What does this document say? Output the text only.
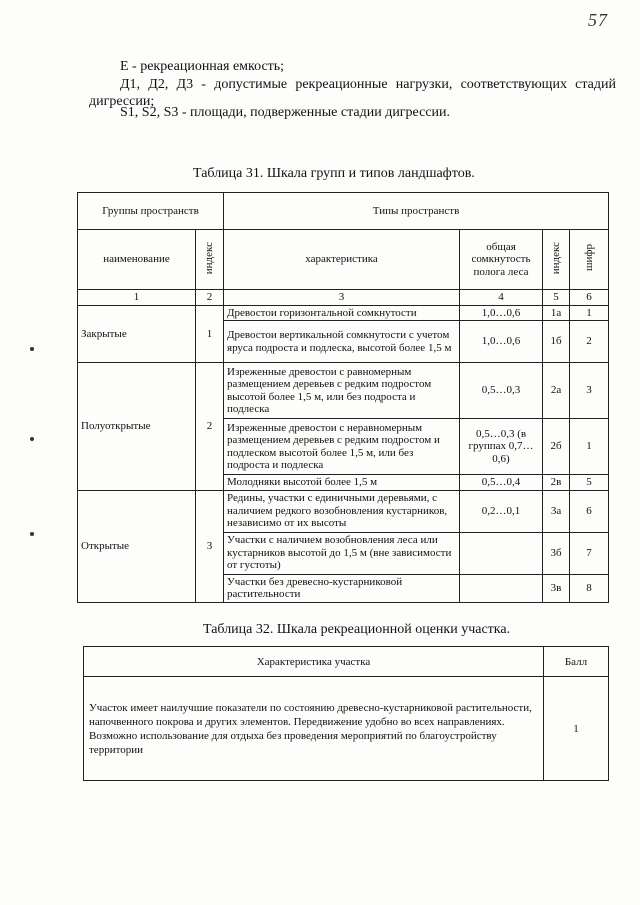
57
E - рекреационная емкость;
Д1, Д2, Д3 - допустимые рекреационные нагрузки, соответствующих стадий
дигрессии;
S1, S2, S3 - площади, подверженные стадии дигрессии.
Таблица 31. Шкала групп и типов ландшафтов.
Группы пространств		Типы пространств			
наименование	индекс	характеристика	общая сомкнутость полога леса	индекс	шифр
1	2	3	4	5	6
Закрытые	1	Древостои горизонтальной сомкнутости	1,0…0,6	1а	1
		Древостои вертикальной сомкнутости с учетом яруса подроста и подлеска, высотой более 1,5 м	1,0…0,6	1б	2
Полуоткрытые	2	Изреженные древостои с равномерным размещением деревьев с редким подростом высотой более 1,5 м, или без подроста и подлеска	0,5…0,3	2а	3
		Изреженные древостои с неравномерным размещением деревьев с редким подростом и подлеском высотой более 1,5 м, или без подроста и подлеска	0,5…0,3 (в группах 0,7…0,6)	2б	1
		Молодняки высотой более 1,5 м	0,5…0,4	2в	5
Открытые	3	Редины, участки с единичными деревьями, с наличием редкого возобновления кустарников, независимо от их высоты	0,2…0,1	3а	6
		Участки с наличием возобновления леса или кустарников высотой до 1,5 м (вне зависимости от густоты)		3б	7
		Участки без древесно-кустарниковой растительности		3в	8
Таблица 32. Шкала рекреационной оценки участка.
Характеристика участка	Балл
Участок имеет наилучшие показатели по состоянию древесно-кустарниковой растительности, напочвенного покрова и других элементов. Передвижение удобно во всех направлениях. Возможно использование для отдыха без проведения мероприятий по благоустройству территории	1
